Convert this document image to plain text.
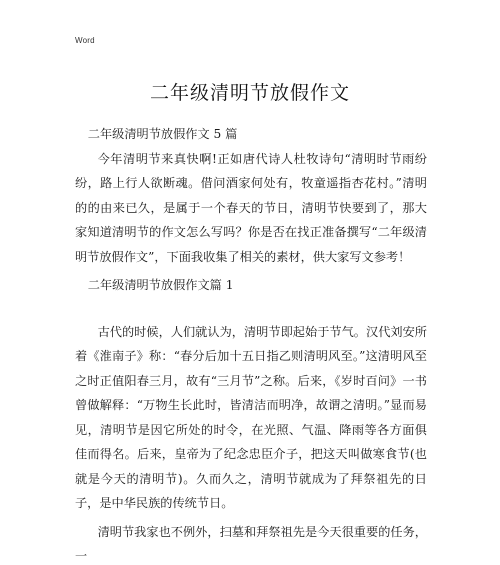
Word
二年级清明节放假作文

二年级清明节放假作文 5 篇

今年清明节来真快啊!正如唐代诗人杜牧诗句“清明时节雨纷纷，路上行人欲断魂。借问酒家何处有，牧童遥指杏花村。”清明的的由来已久，是属于一个春天的节日，清明节快要到了，那大家知道清明节的作文怎么写吗？你是否在找正准备撰写“二年级清明节放假作文”，下面我收集了相关的素材，供大家写文参考！

二年级清明节放假作文篇 1

古代的时候，人们就认为，清明节即起始于节气。汉代刘安所着《淮南子》称：“春分后加十五日指乙则清明风至。”这清明风至之时正值阳春三月，故有“三月节”之称。后来，《岁时百问》一书曾做解释：“万物生长此时，皆清洁而明净，故谓之清明。”显而易见，清明节是因它所处的时令，在光照、气温、降雨等各方面俱佳而得名。后来，皇帝为了纪念忠臣介子，把这天叫做寒食节(也就是今天的清明节)。久而久之，清明节就成为了拜祭祖先的日子，是中华民族的传统节日。

清明节我家也不例外，扫墓和拜祭祖先是今天很重要的任务，一
